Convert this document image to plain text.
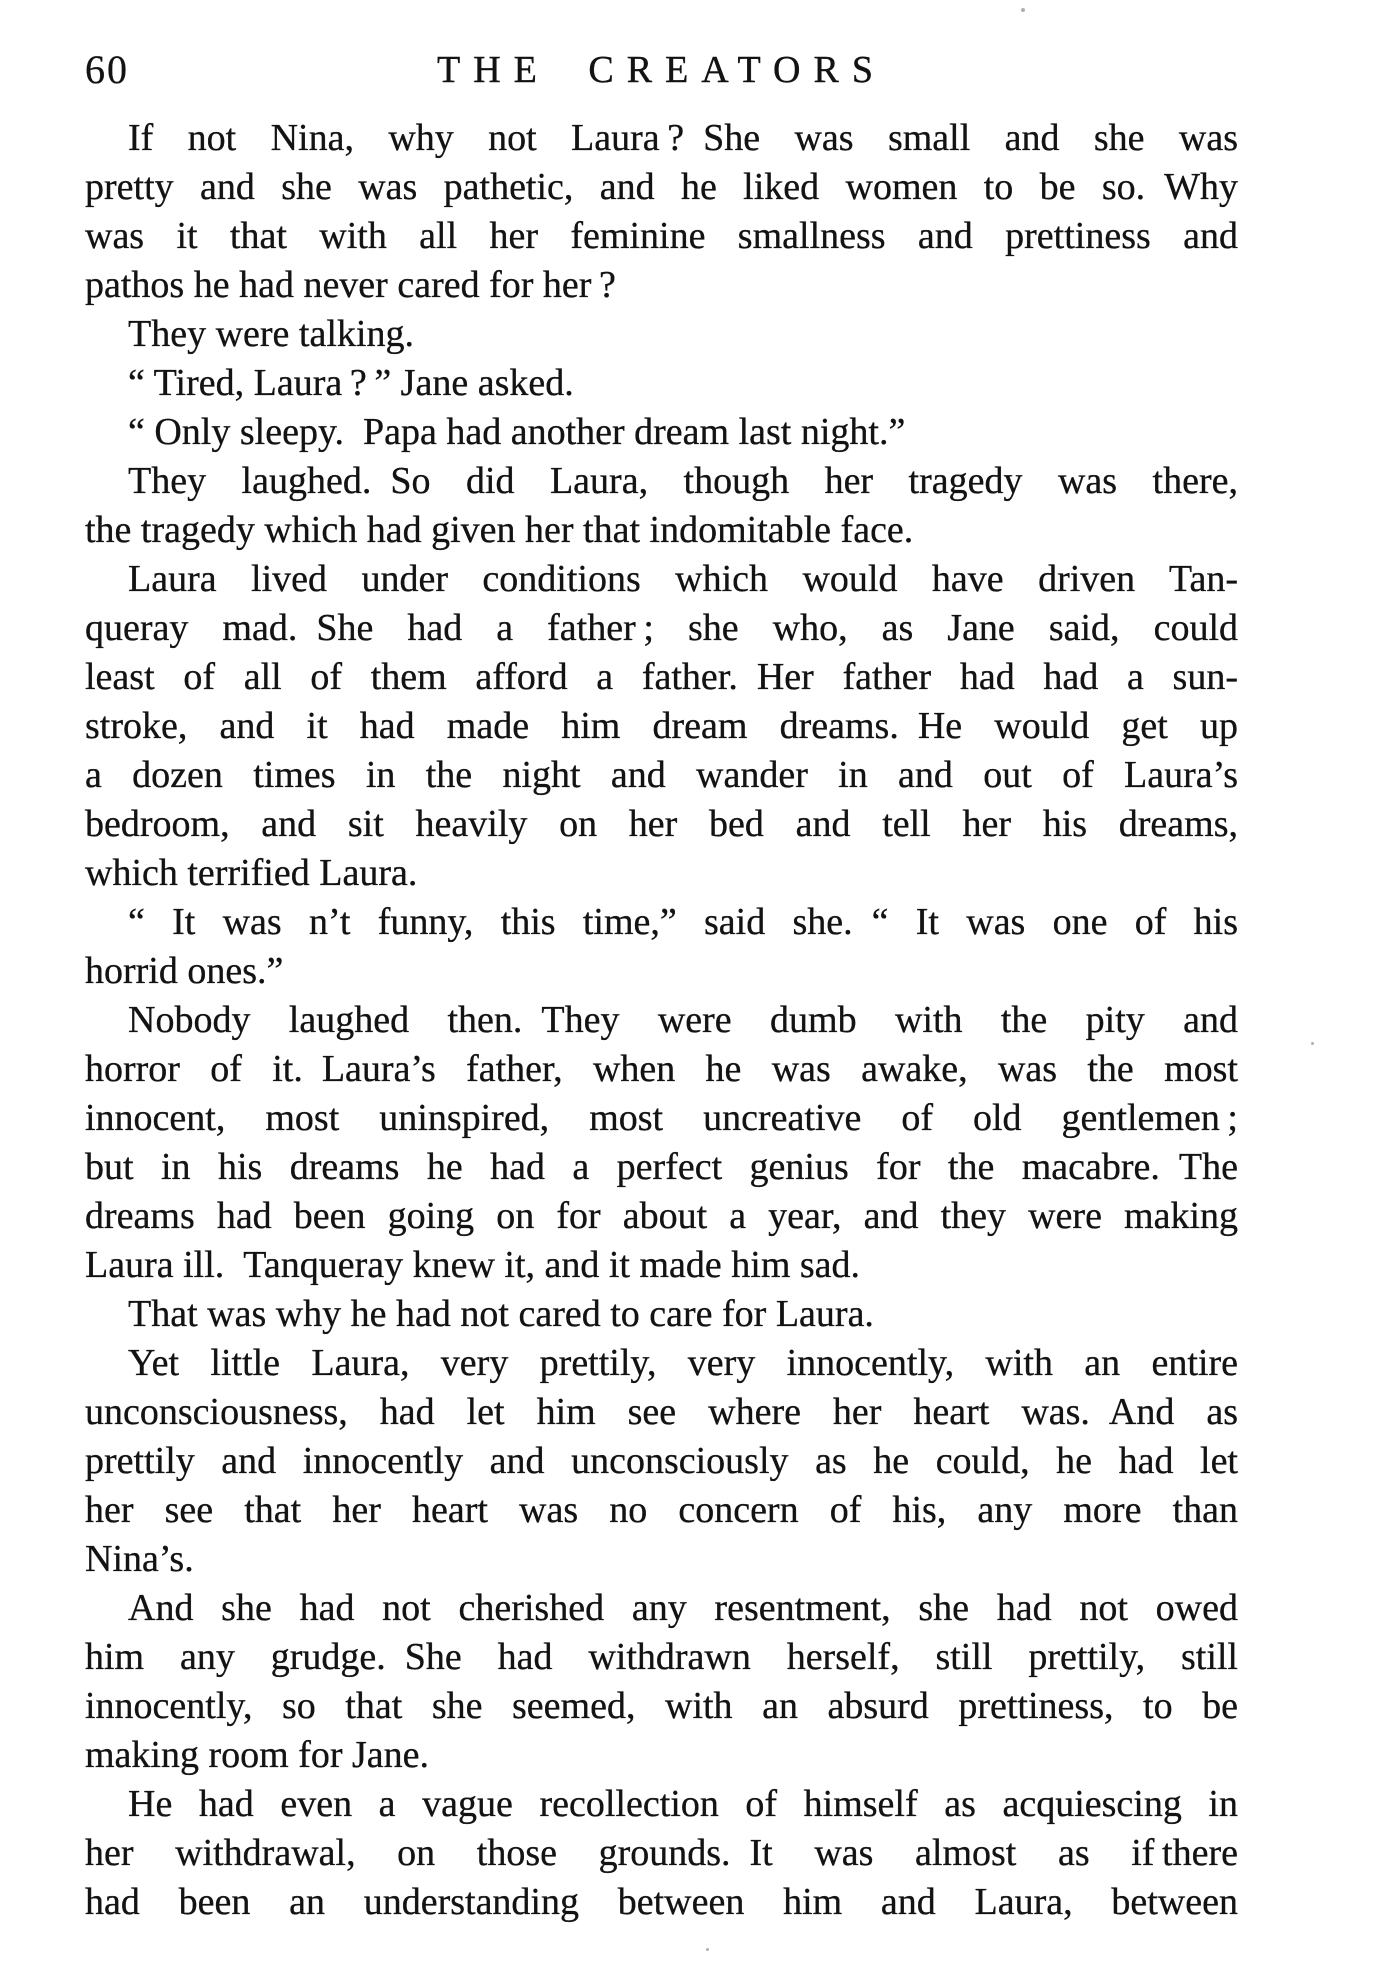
60	THE CREATORS
If not Nina, why not Laura ? She was small and she was
pretty and she was pathetic, and he liked women to be so. Why
was it that with all her feminine smallness and prettiness and
pathos he had never cared for her ?
They were talking.
“ Tired, Laura ? ” Jane asked.
“ Only sleepy. Papa had another dream last night.”
They laughed. So did Laura, though her tragedy was there,
the tragedy which had given her that indomitable face.
Laura lived under conditions which would have driven Tan-
queray mad. She had a father ; she who, as Jane said, could
least of all of them afford a father. Her father had had a sun-
stroke, and it had made him dream dreams. He would get up
a dozen times in the night and wander in and out of Laura’s
bedroom, and sit heavily on her bed and tell her his dreams,
which terrified Laura.
“ It was n’t funny, this time,” said she. “ It was one of his
horrid ones.”
Nobody laughed then. They were dumb with the pity and
horror of it. Laura’s father, when he was awake, was the most
innocent, most uninspired, most uncreative of old gentlemen ;
but in his dreams he had a perfect genius for the macabre. The
dreams had been going on for about a year, and they were making
Laura ill. Tanqueray knew it, and it made him sad.
That was why he had not cared to care for Laura.
Yet little Laura, very prettily, very innocently, with an entire
unconsciousness, had let him see where her heart was. And as
prettily and innocently and unconsciously as he could, he had let
her see that her heart was no concern of his, any more than
Nina’s.
And she had not cherished any resentment, she had not owed
him any grudge. She had withdrawn herself, still prettily, still
innocently, so that she seemed, with an absurd prettiness, to be
making room for Jane.
He had even a vague recollection of himself as acquiescing in
her withdrawal, on those grounds. It was almost as if there
had been an understanding between him and Laura, between
